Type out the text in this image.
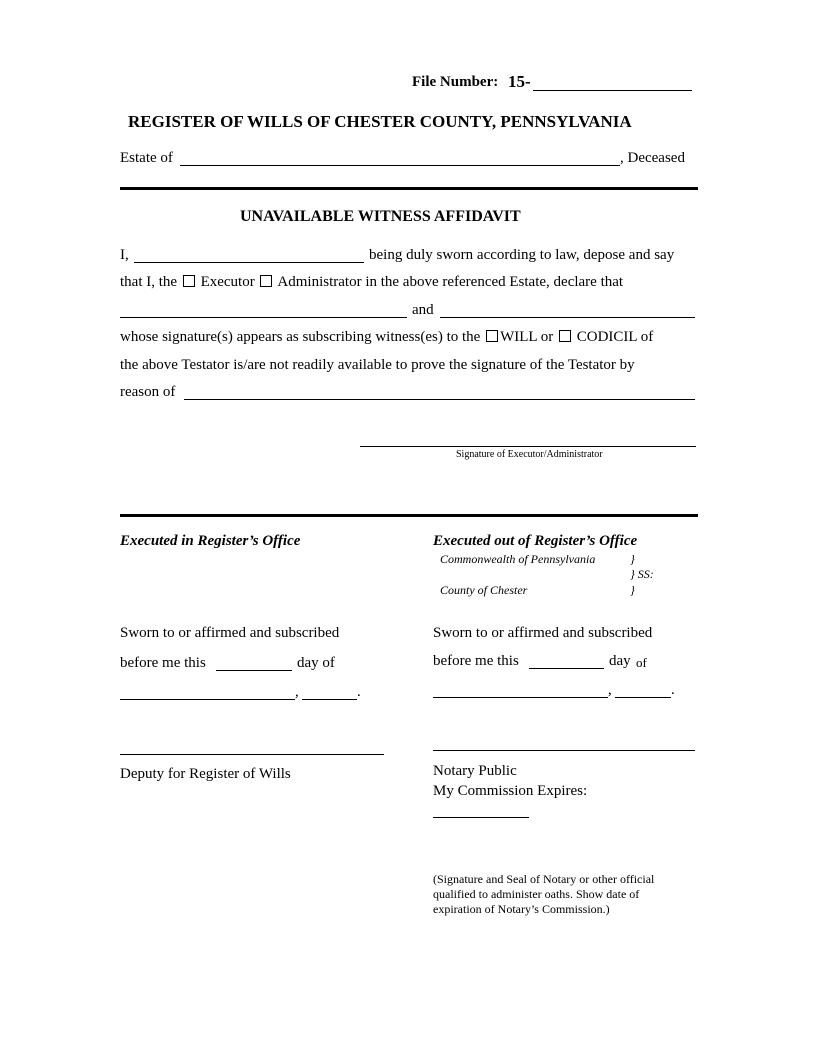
File Number: 15-
REGISTER OF WILLS OF CHESTER COUNTY, PENNSYLVANIA
Estate of	, Deceased
UNAVAILABLE WITNESS AFFIDAVIT
I,	being duly sworn according to law, depose and say
that I, the Executor Administrator in the above referenced Estate, declare that
and
whose signature(s) appears as subscribing witness(es) to the WILL or CODICIL of
the above Testator is/are not readily available to prove the signature of the Testator by
reason of
Signature of Executor/Administrator
Executed in Register’s Office
Sworn to or affirmed and subscribed
before me this	day of
,	.
Deputy for Register of Wills
Executed out of Register’s Office
Commonwealth of Pennsylvania	}
} SS:
County of Chester	}
Sworn to or affirmed and subscribed
before me this	day of
,	.
Notary Public
My Commission Expires:
(Signature and Seal of Notary or other official
qualified to administer oaths. Show date of
expiration of Notary’s Commission.)
